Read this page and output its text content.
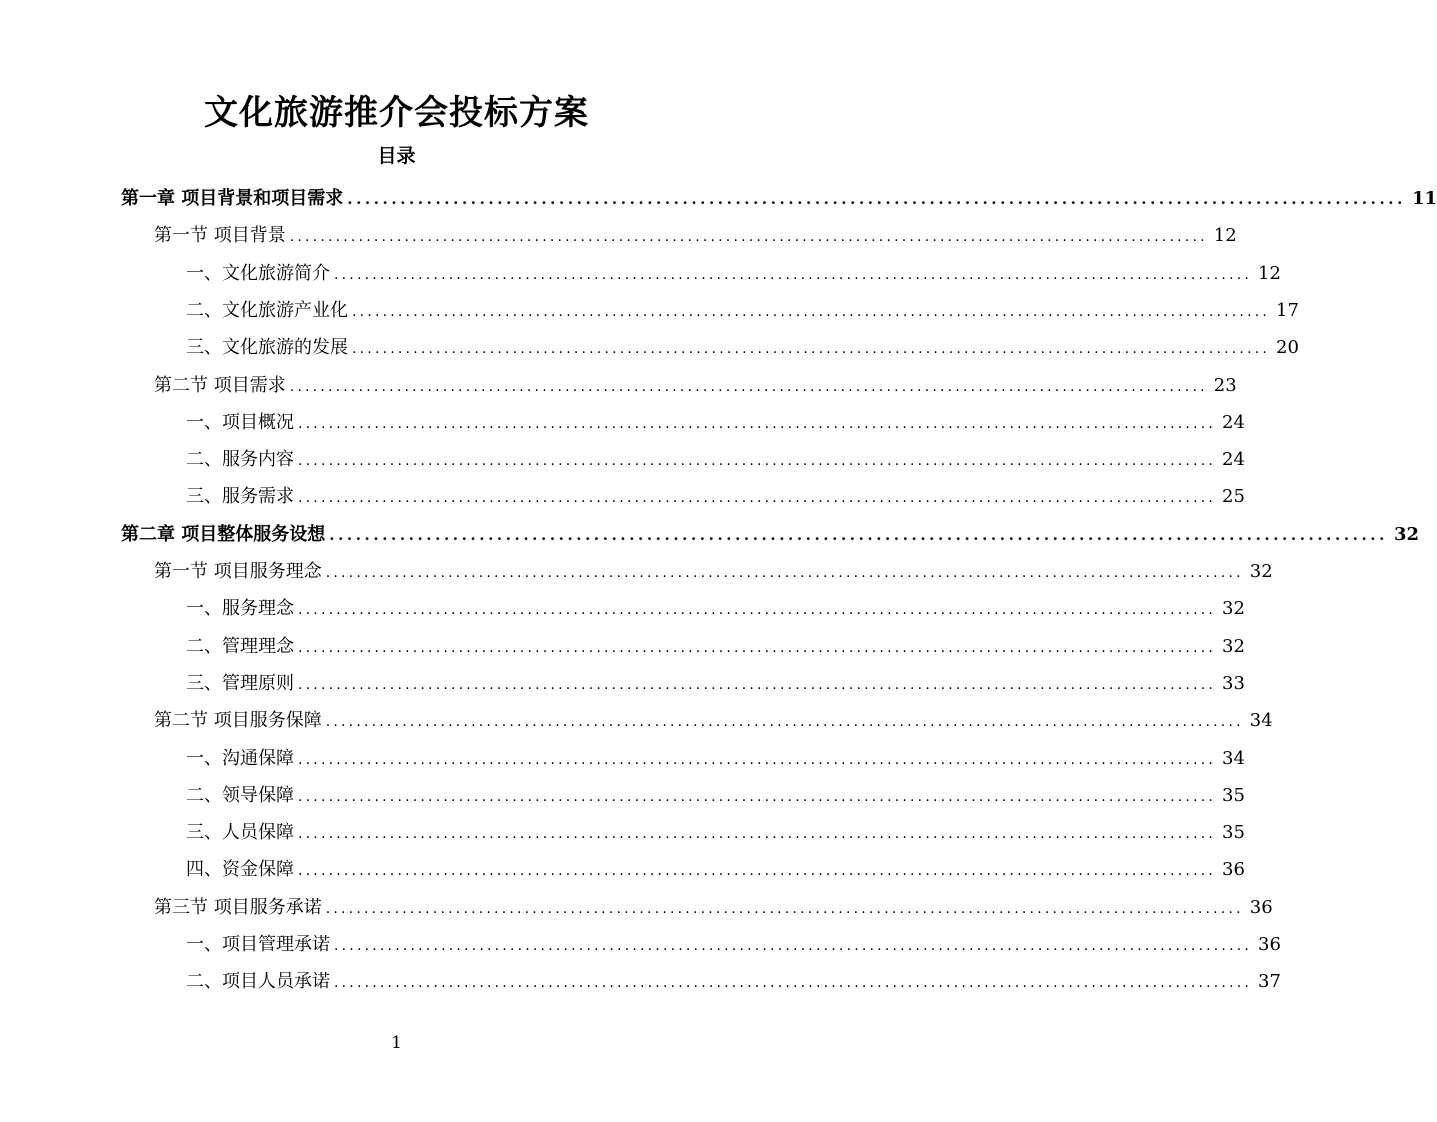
文化旅游推介会投标方案
目录
第一章 项目背景和项目需求 ........................................................................................................................ 11
第一节 项目背景 ........................................................................................................................ 12
一、文化旅游简介 ........................................................................................................................ 12
二、文化旅游产业化 ........................................................................................................................ 17
三、文化旅游的发展 ........................................................................................................................ 20
第二节 项目需求 ........................................................................................................................ 23
一、项目概况 ........................................................................................................................ 24
二、服务内容 ........................................................................................................................ 24
三、服务需求 ........................................................................................................................ 25
第二章 项目整体服务设想 ........................................................................................................................ 32
第一节 项目服务理念 ........................................................................................................................ 32
一、服务理念 ........................................................................................................................ 32
二、管理理念 ........................................................................................................................ 32
三、管理原则 ........................................................................................................................ 33
第二节 项目服务保障 ........................................................................................................................ 34
一、沟通保障 ........................................................................................................................ 34
二、领导保障 ........................................................................................................................ 35
三、人员保障 ........................................................................................................................ 35
四、资金保障 ........................................................................................................................ 36
第三节 项目服务承诺 ........................................................................................................................ 36
一、项目管理承诺 ........................................................................................................................ 36
二、项目人员承诺 ........................................................................................................................ 37
1
